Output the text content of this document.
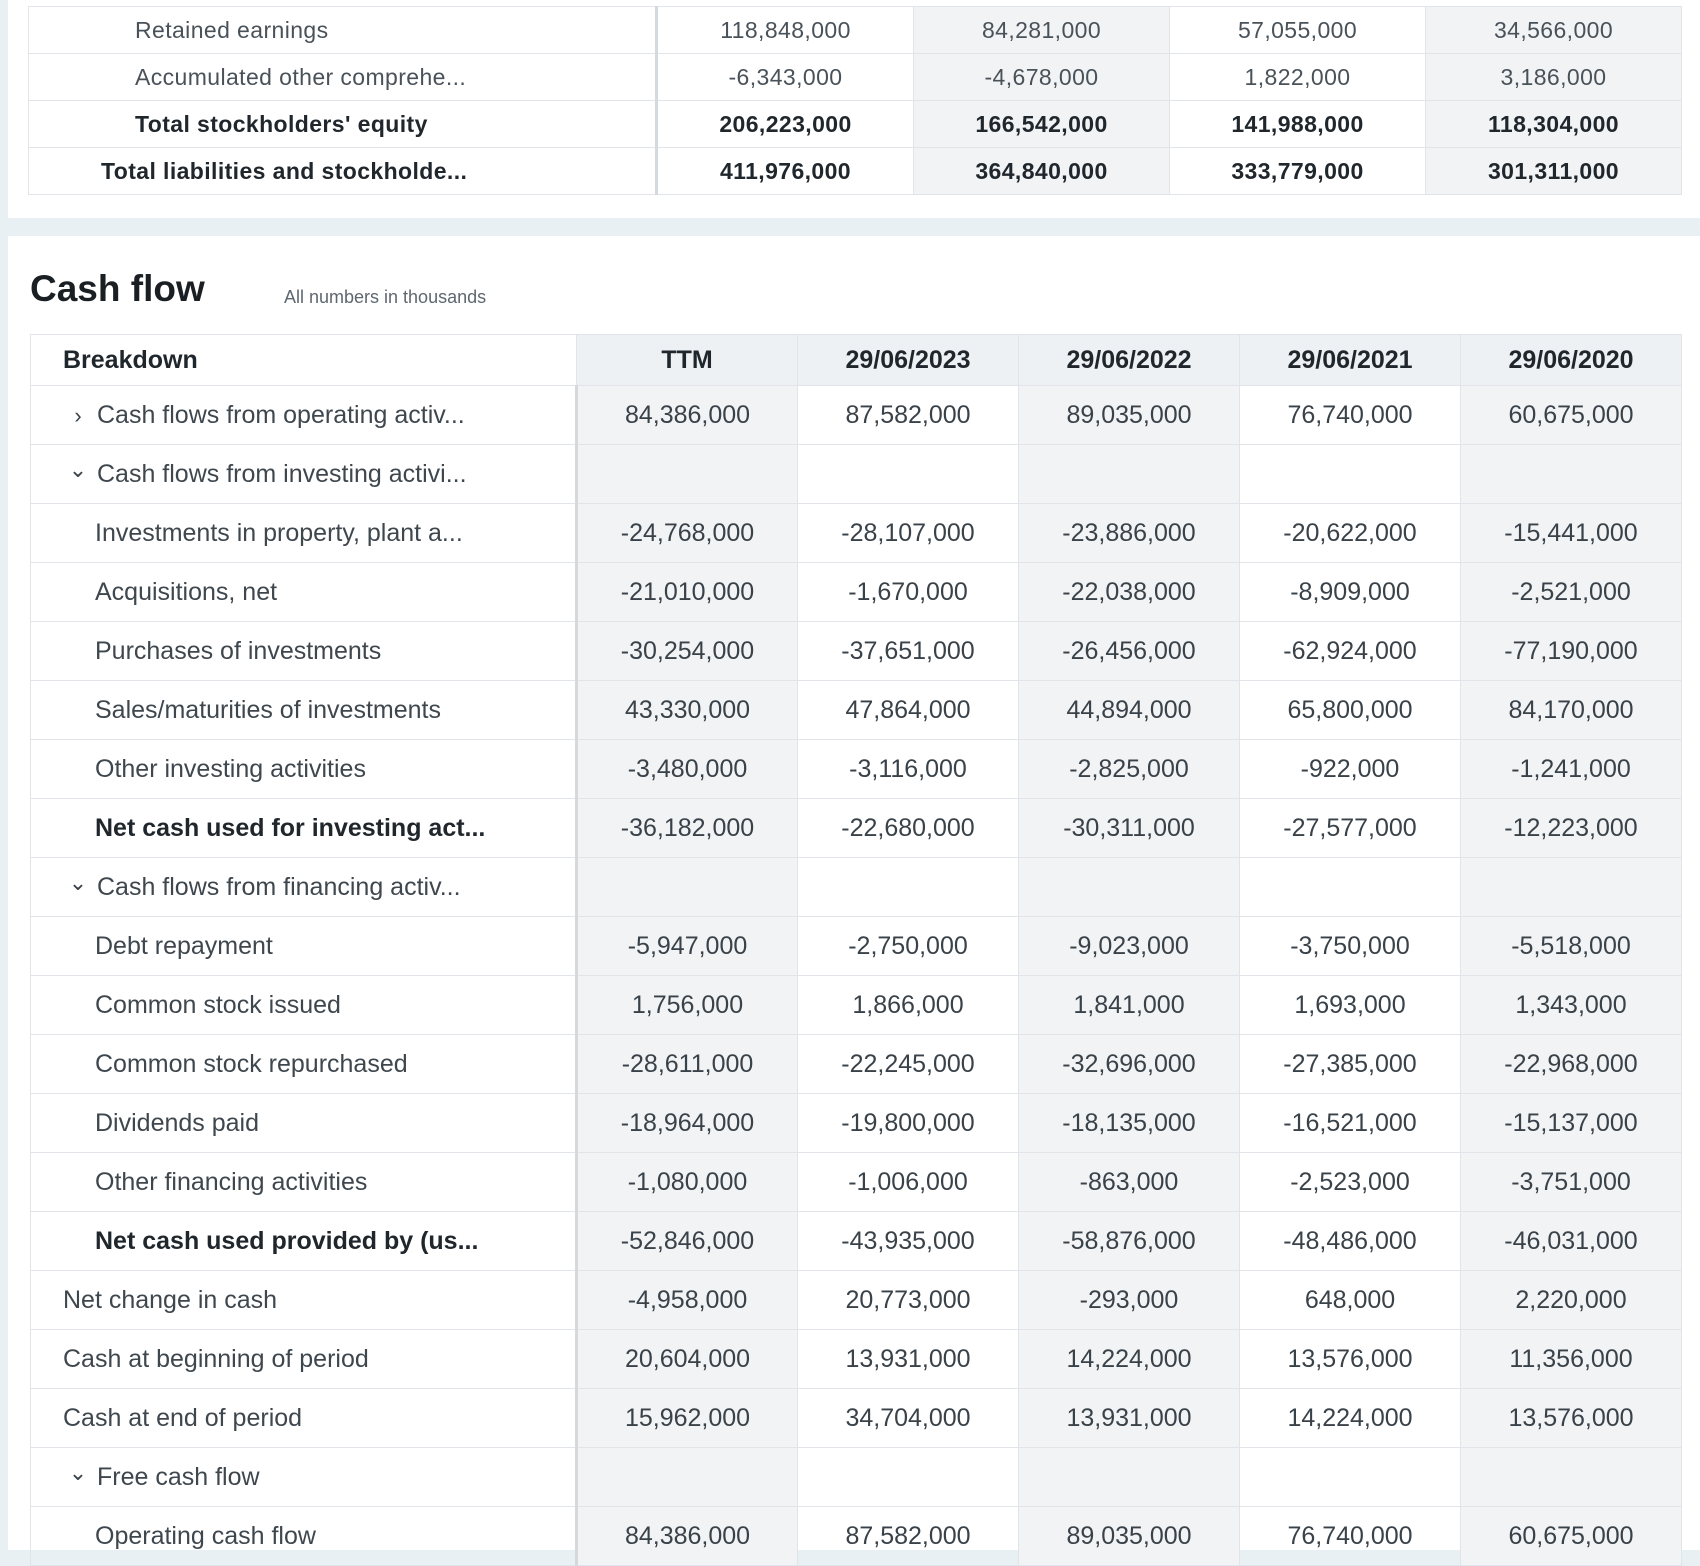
Retained earnings	118,848,000	84,281,000	57,055,000	34,566,000

Accumulated other comprehe...	-6,343,000	-4,678,000	1,822,000	3,186,000

Total stockholders' equity	206,223,000	166,542,000	141,988,000	118,304,000

Total liabilities and stockholde...	411,976,000	364,840,000	333,779,000	301,311,000
Cash flow	All numbers in thousands
Breakdown	TTM	29/06/2023	29/06/2022	29/06/2021	29/06/2020
› Cash flows from operating activ...	84,386,000	87,582,000	89,035,000	76,740,000	60,675,000
⌄ Cash flows from investing activi...					
Investments in property, plant a...	-24,768,000	-28,107,000	-23,886,000	-20,622,000	-15,441,000
Acquisitions, net	-21,010,000	-1,670,000	-22,038,000	-8,909,000	-2,521,000
Purchases of investments	-30,254,000	-37,651,000	-26,456,000	-62,924,000	-77,190,000
Sales/maturities of investments	43,330,000	47,864,000	44,894,000	65,800,000	84,170,000
Other investing activities	-3,480,000	-3,116,000	-2,825,000	-922,000	-1,241,000
Net cash used for investing act...	-36,182,000	-22,680,000	-30,311,000	-27,577,000	-12,223,000
⌄ Cash flows from financing activ...					
Debt repayment	-5,947,000	-2,750,000	-9,023,000	-3,750,000	-5,518,000
Common stock issued	1,756,000	1,866,000	1,841,000	1,693,000	1,343,000
Common stock repurchased	-28,611,000	-22,245,000	-32,696,000	-27,385,000	-22,968,000
Dividends paid	-18,964,000	-19,800,000	-18,135,000	-16,521,000	-15,137,000
Other financing activities	-1,080,000	-1,006,000	-863,000	-2,523,000	-3,751,000
Net cash used provided by (us...	-52,846,000	-43,935,000	-58,876,000	-48,486,000	-46,031,000
Net change in cash	-4,958,000	20,773,000	-293,000	648,000	2,220,000
Cash at beginning of period	20,604,000	13,931,000	14,224,000	13,576,000	11,356,000
Cash at end of period	15,962,000	34,704,000	13,931,000	14,224,000	13,576,000
⌄ Free cash flow					
Operating cash flow	84,386,000	87,582,000	89,035,000	76,740,000	60,675,000
